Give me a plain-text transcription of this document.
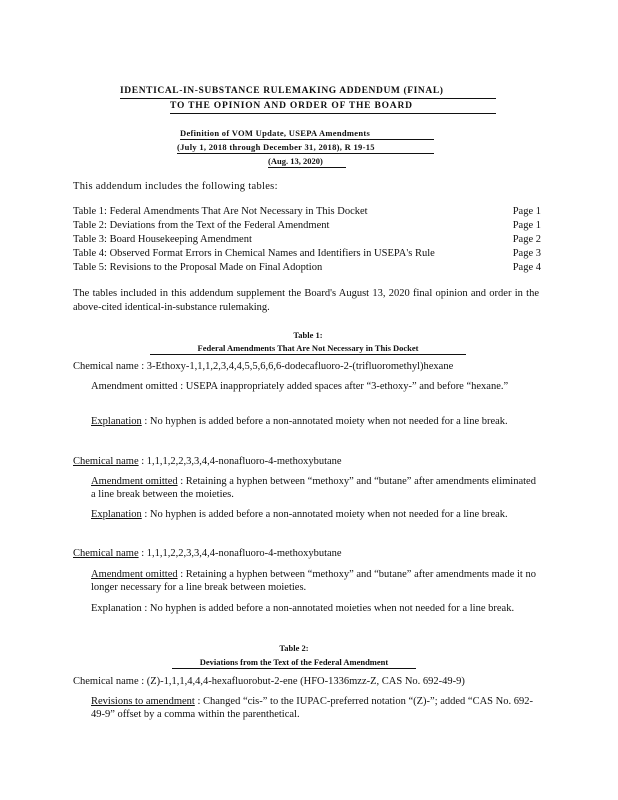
IDENTICAL-IN-SUBSTANCE RULEMAKING ADDENDUM (FINAL)
TO THE OPINION AND ORDER OF THE BOARD
Definition of VOM Update, USEPA Amendments
(July 1, 2018 through December 31, 2018), R 19-15
(Aug. 13, 2020)
This addendum includes the following tables:
Table 1: Federal Amendments That Are Not Necessary in This Docket	Page 1
Table 2: Deviations from the Text of the Federal Amendment	Page 1
Table 3: Board Housekeeping Amendment	Page 2
Table 4: Observed Format Errors in Chemical Names and Identifiers in USEPA's Rule	Page 3
Table 5: Revisions to the Proposal Made on Final Adoption	Page 4
The tables included in this addendum supplement the Board's August 13, 2020 final opinion and order in the above-cited identical-in-substance rulemaking.
Table 1:
Federal Amendments That Are Not Necessary in This Docket
Chemical name : 3-Ethoxy-1,1,1,2,3,4,4,5,5,6,6,6-dodecafluoro-2-(trifluoromethyl)hexane
Amendment omitted : USEPA inappropriately added spaces after “3-ethoxy-” and before “hexane.”
Explanation : No hyphen is added before a non-annotated moiety when not needed for a line break.
Chemical name : 1,1,1,2,2,3,3,4,4-nonafluoro-4-methoxybutane
Amendment omitted : Retaining a hyphen between “methoxy” and “butane” after amendments eliminated a line break between the moieties.
Explanation : No hyphen is added before a non-annotated moiety when not needed for a line break.
Chemical name : 1,1,1,2,2,3,3,4,4-nonafluoro-4-methoxybutane
Amendment omitted : Retaining a hyphen between “methoxy” and “butane” after amendments made it no longer necessary for a line break between moieties.
Explanation : No hyphen is added before a non-annotated moieties when not needed for a line break.
Table 2:
Deviations from the Text of the Federal Amendment
Chemical name : (Z)-1,1,1,4,4,4-hexafluorobut-2-ene (HFO-1336mzz-Z, CAS No. 692-49-9)
Revisions to amendment : Changed “cis-” to the IUPAC-preferred notation “(Z)-”; added “CAS No. 692-49-9” offset by a comma within the parenthetical.
